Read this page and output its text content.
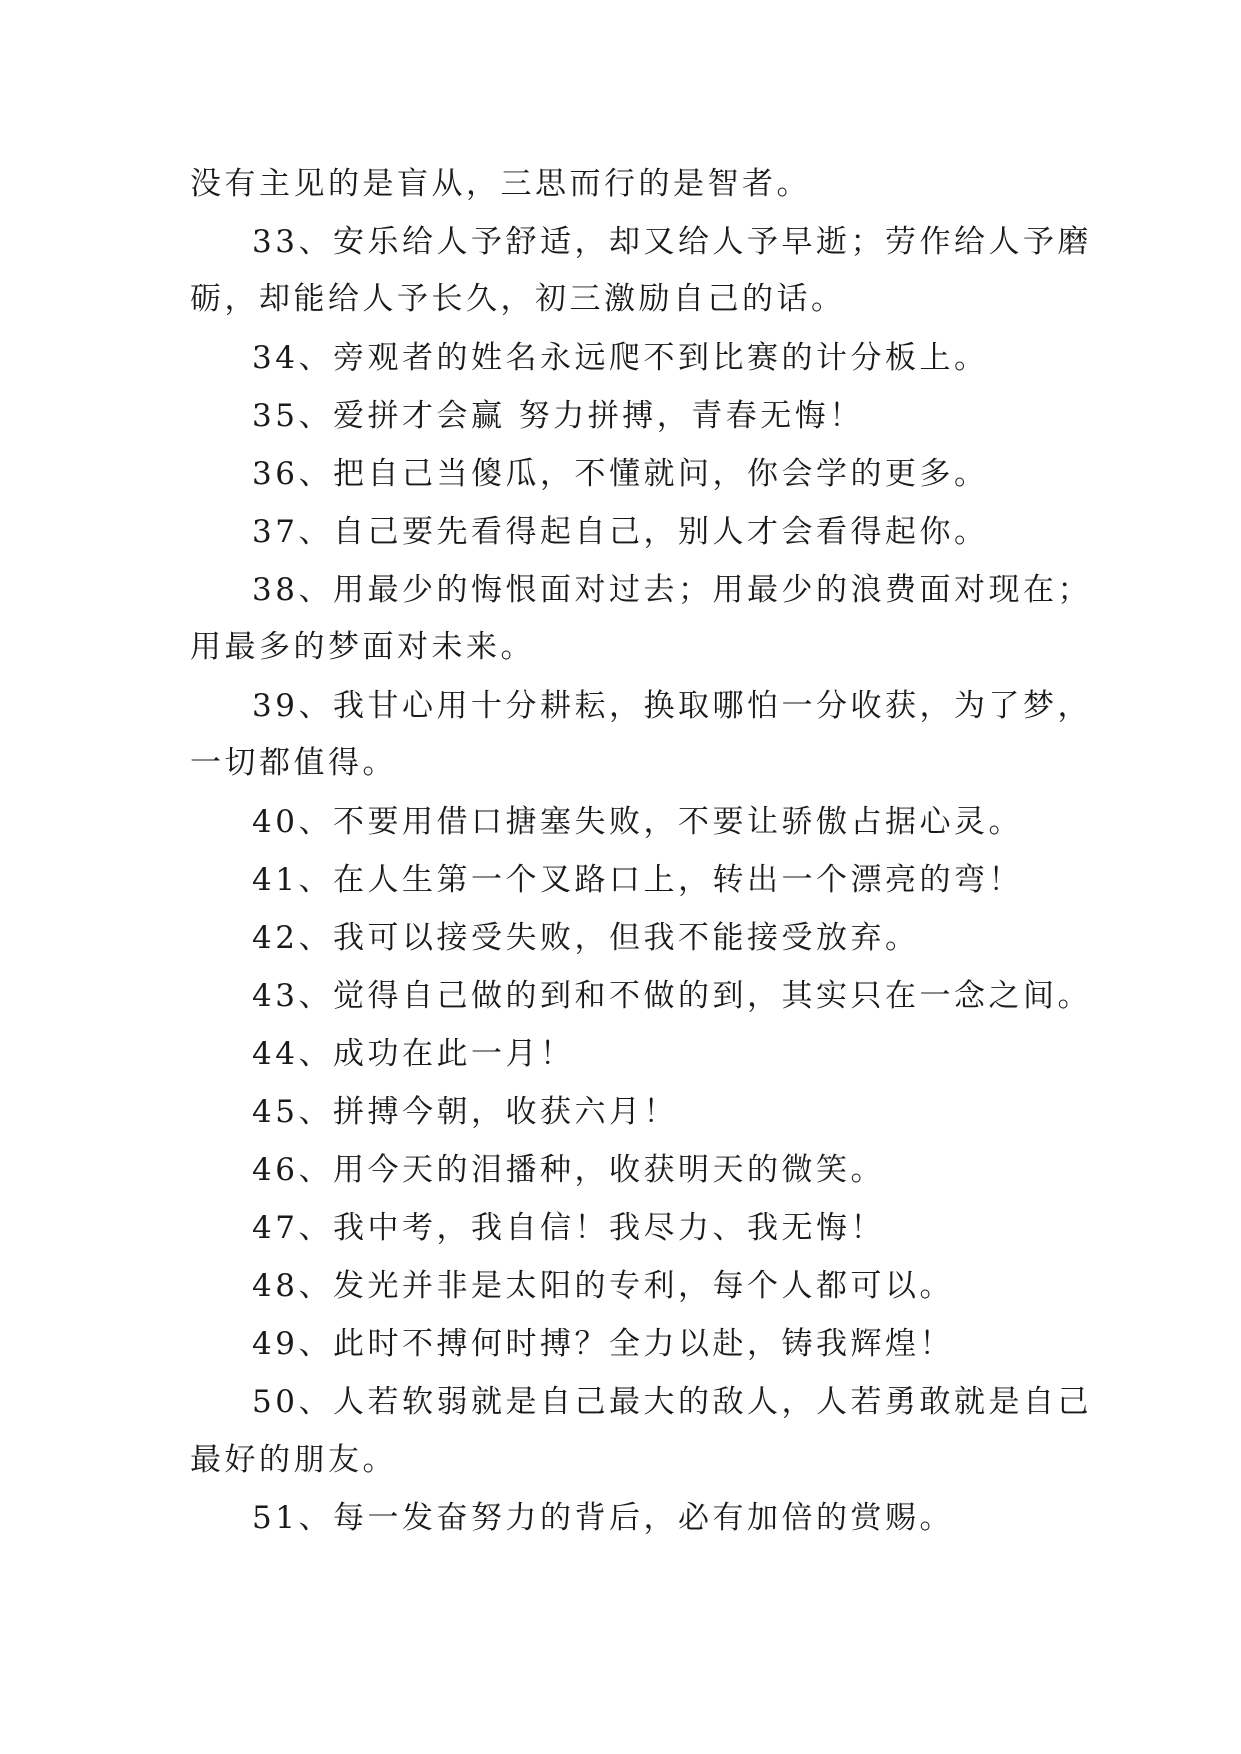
没有主见的是盲从，三思而行的是智者。
33、安乐给人予舒适，却又给人予早逝；劳作给人予磨
砺，却能给人予长久，初三激励自己的话。
34、旁观者的姓名永远爬不到比赛的计分板上。
35、爱拼才会赢 努力拼搏，青春无悔！
36、把自己当傻瓜，不懂就问，你会学的更多。
37、自己要先看得起自己，别人才会看得起你。
38、用最少的悔恨面对过去；用最少的浪费面对现在；
用最多的梦面对未来。
39、我甘心用十分耕耘，换取哪怕一分收获，为了梦，
一切都值得。
40、不要用借口搪塞失败，不要让骄傲占据心灵。
41、在人生第一个叉路口上，转出一个漂亮的弯！
42、我可以接受失败，但我不能接受放弃。
43、觉得自己做的到和不做的到，其实只在一念之间。
44、成功在此一月！
45、拼搏今朝，收获六月！
46、用今天的泪播种，收获明天的微笑。
47、我中考，我自信！我尽力、我无悔！
48、发光并非是太阳的专利，每个人都可以。
49、此时不搏何时搏？全力以赴，铸我辉煌！
50、人若软弱就是自己最大的敌人，人若勇敢就是自己
最好的朋友。
51、每一发奋努力的背后，必有加倍的赏赐。
